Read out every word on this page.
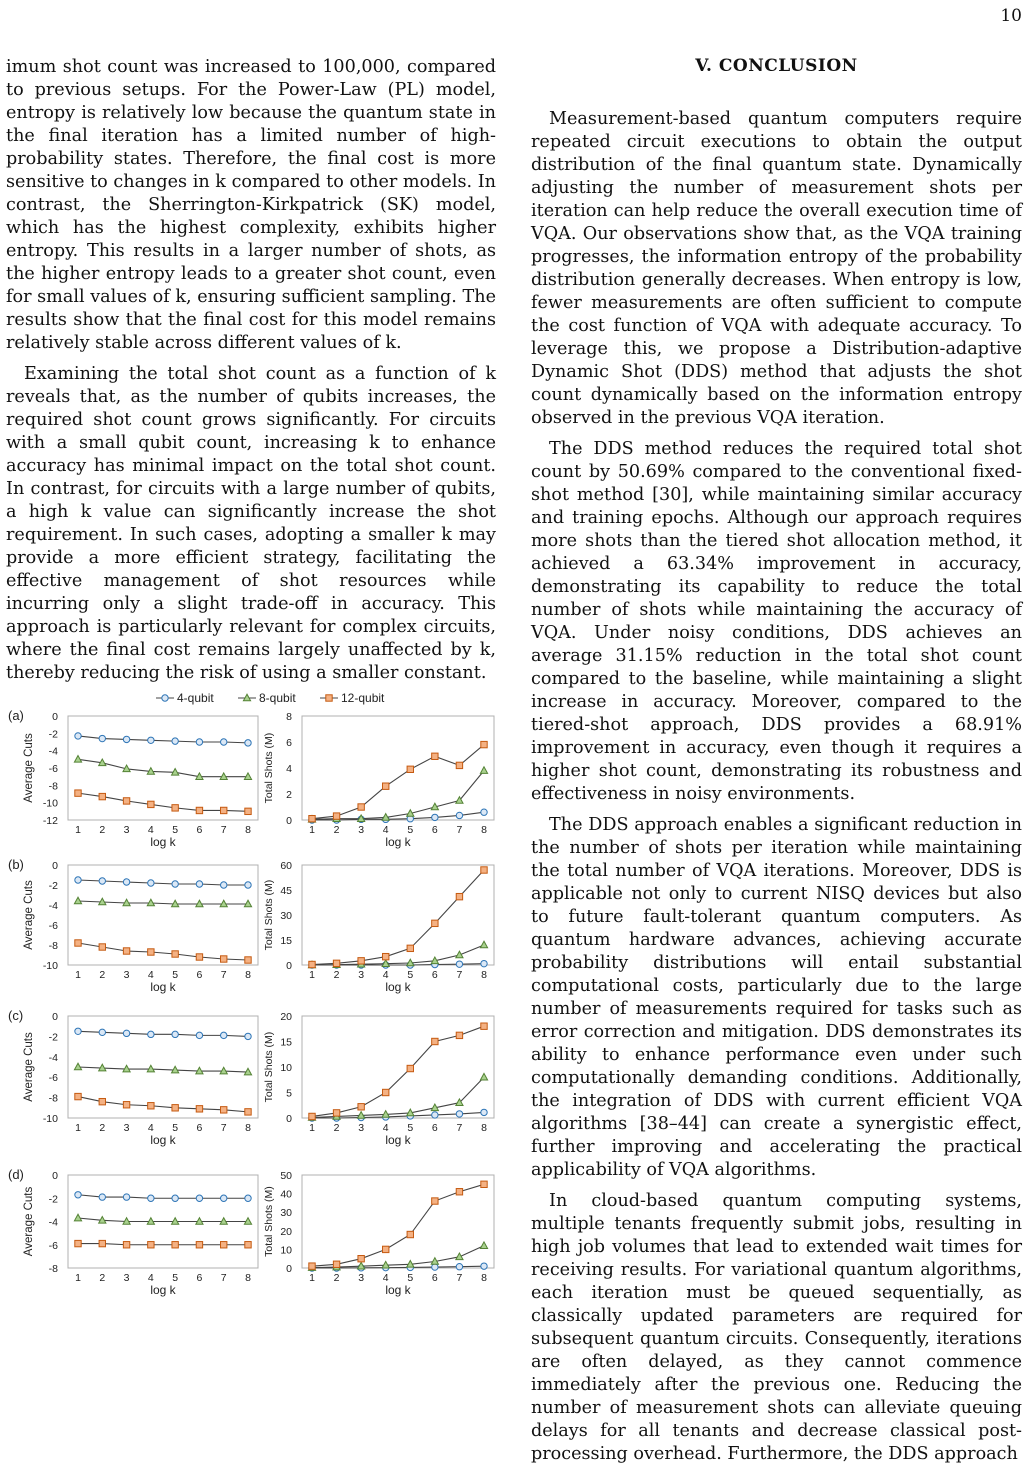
10

imum shot count was increased to 100,000, compared to previous setups. For the Power-Law (PL) model, entropy is relatively low because the quantum state in the final iteration has a limited number of high-probability states. Therefore, the final cost is more sensitive to changes in k compared to other models. In contrast, the Sherrington-Kirkpatrick (SK) model, which has the highest complexity, exhibits higher entropy. This results in a larger number of shots, as the higher entropy leads to a greater shot count, even for small values of k, ensuring sufficient sampling. The results show that the final cost for this model remains relatively stable across different values of k.

Examining the total shot count as a function of k reveals that, as the number of qubits increases, the required shot count grows significantly. For circuits with a small qubit count, increasing k to enhance accuracy has minimal impact on the total shot count. In contrast, for circuits with a large number of qubits, a high k value can significantly increase the shot requirement. In such cases, adopting a smaller k may provide a more efficient strategy, facilitating the effective management of shot resources while incurring only a slight trade-off in accuracy. This approach is particularly relevant for complex circuits, where the final cost remains largely unaffected by k, thereby reducing the risk of using a smaller constant.

V. CONCLUSION

Measurement-based quantum computers require repeated circuit executions to obtain the output distribution of the final quantum state. Dynamically adjusting the number of measurement shots per iteration can help reduce the overall execution time of VQA. Our observations show that, as the VQA training progresses, the information entropy of the probability distribution generally decreases. When entropy is low, fewer measurements are often sufficient to compute the cost function of VQA with adequate accuracy. To leverage this, we propose a Distribution-adaptive Dynamic Shot (DDS) method that adjusts the shot count dynamically based on the information entropy observed in the previous VQA iteration.

The DDS method reduces the required total shot count by 50.69% compared to the conventional fixed-shot method [30], while maintaining similar accuracy and training epochs. Although our approach requires more shots than the tiered shot allocation method, it achieved a 63.34% improvement in accuracy, demonstrating its capability to reduce the total number of shots while maintaining the accuracy of VQA. Under noisy conditions, DDS achieves an average 31.15% reduction in the total shot count compared to the baseline, while maintaining a slight increase in accuracy. Moreover, compared to the tiered-shot approach, DDS provides a 68.91% improvement in accuracy, even though it requires a higher shot count, demonstrating its robustness and effectiveness in noisy environments.

The DDS approach enables a significant reduction in the number of shots per iteration while maintaining the total number of VQA iterations. Moreover, DDS is applicable not only to current NISQ devices but also to future fault-tolerant quantum computers. As quantum hardware advances, achieving accurate probability distributions will entail substantial computational costs, particularly due to the large number of measurements required for tasks such as error correction and mitigation. DDS demonstrates its ability to enhance performance even under such computationally demanding conditions. Additionally, the integration of DDS with current efficient VQA algorithms [38–44] can create a synergistic effect, further improving and accelerating the practical applicability of VQA algorithms.

In cloud-based quantum computing systems, multiple tenants frequently submit jobs, resulting in high job volumes that lead to extended wait times for receiving results. For variational quantum algorithms, each iteration must be queued sequentially, as classically updated parameters are required for subsequent quantum circuits. Consequently, iterations are often delayed, as they cannot commence immediately after the previous one. Reducing the number of measurement shots can alleviate queuing delays for all tenants and decrease classical post-processing overhead. Furthermore, the DDS approach

4-qubit	8-qubit	12-qubit
(a)	0
-2
-4
-6
-8
-10
-12
1 2 3 4 5 6 7 8
log k
Average Cuts
0
2
4
6
8
1 2 3 4 5 6 7 8
log k
Total Shots (M)
(b)	0
-2
-4
-6
-8
-10
1 2 3 4 5 6 7 8
log k
Average Cuts
0
15
30
45
60
1 2 3 4 5 6 7 8
log k
Total Shots (M)
(c)	0
-2
-4
-6
-8
-10
1 2 3 4 5 6 7 8
log k
Average Cuts
0
5
10
15
20
1 2 3 4 5 6 7 8
log k
Total Shots (M)
(d)	0
-2
-4
-6
-8
1 2 3 4 5 6 7 8
log k
Average Cuts
0
10
20
30
40
50
1 2 3 4 5 6 7 8
log k
Total Shots (M)
